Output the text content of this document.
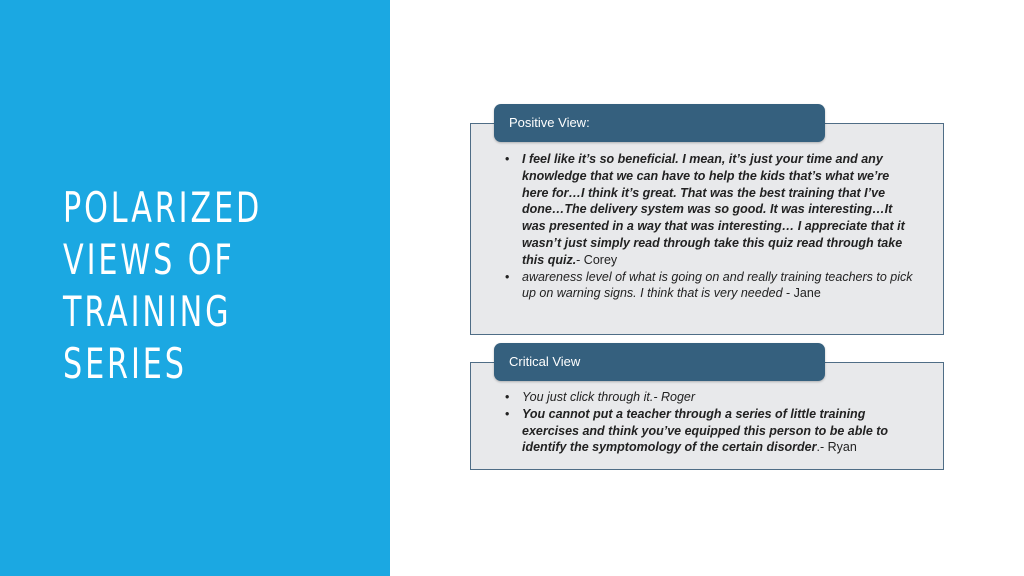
POLARIZED
VIEWS OF
TRAINING
SERIES
Positive View:
• I feel like it’s so beneficial. I mean, it’s just your time and any knowledge that we can have to help the kids that’s what we’re here for…I think it’s great. That was the best training that I’ve done…The delivery system was so good. It was interesting…It was presented in a way that was interesting… I appreciate that it wasn’t just simply read through take this quiz read through take this quiz.- Corey
• awareness level of what is going on and really training teachers to pick up on warning signs. I think that is very needed - Jane
Critical View
• You just click through it.- Roger
• You cannot put a teacher through a series of little training exercises and think you’ve equipped this person to be able to identify the symptomology of the certain disorder.- Ryan
